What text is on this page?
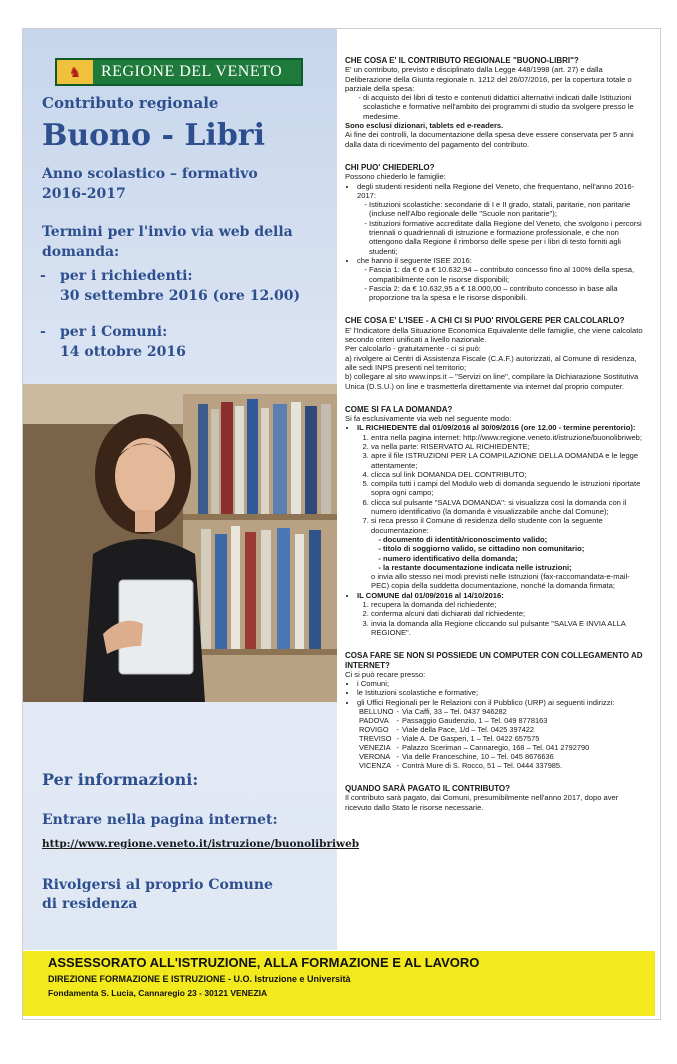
♞	REGIONE DEL VENETO
Contributo regionale
Buono - Libri
Anno scolastico – formativo
2016-2017
Termini per l'invio via web della
domanda:
-	per i richiedenti:
30 settembre 2016 (ore 12.00)
-	per i Comuni:
14 ottobre 2016
Per informazioni:
Entrare nella pagina internet:
http://www.regione.veneto.it/istruzione/buonolibriweb
Rivolgersi al proprio Comune
di residenza

CHE COSA E' IL CONTRIBUTO REGIONALE "BUONO-LIBRI"?

E' un contributo, previsto e disciplinato dalla Legge 448/1998 (art. 27) e dalla Deliberazione della Giunta regionale n. 1212 del 26/07/2016, per la copertura totale o parziale della spesa:

- di acquisto dei libri di testo e contenuti didattici alternativi indicati dalle Istituzioni scolastiche e formative nell'ambito dei programmi di studio da svolgere presso le medesime.

Sono esclusi dizionari, tablets ed e-readers.

Ai fine dei controlli, la documentazione della spesa deve essere conservata per 5 anni dalla data di ricevimento del pagamento del contributo.

CHI PUO' CHIEDERLO?

Possono chiederlo le famiglie:

• degli studenti residenti nella Regione del Veneto, che frequentano, nell'anno 2016-2017:
- Istituzioni scolastiche: secondarie di I e II grado, statali, paritarie, non paritarie (incluse nell'Albo regionale delle "Scuole non paritarie");
- Istituzioni formative accreditate dalla Regione del Veneto, che svolgono i percorsi triennali o quadriennali di istruzione e formazione professionale, e che non ottengono dalla Regione il rimborso delle spese per i libri di testo forniti agli studenti;
• che hanno il seguente ISEE 2016:
- Fascia 1: da € 0 a € 10.632,94 – contributo concesso fino al 100% della spesa, compatibilmente con le risorse disponibili;
- Fascia 2: da € 10.632,95 a € 18.000,00 – contributo concesso in base alla proporzione tra la spesa e le risorse disponibili.

CHE COSA E' L'ISEE - A CHI CI SI PUO' RIVOLGERE PER CALCOLARLO?

E' l'Indicatore della Situazione Economica Equivalente delle famiglie, che viene calcolato secondo criteri unificati a livello nazionale.

Per calcolarlo - gratuitamente - ci si può:

a) rivolgere ai Centri di Assistenza Fiscale (C.A.F.) autorizzati, al Comune di residenza, alle sedi INPS presenti nel territorio;

b) collegare al sito www.inps.it – "Servizi on line", compilare la Dichiarazione Sostitutiva Unica (D.S.U.) on line e trasmetterla direttamente via internet dal proprio computer.

COME SI FA LA DOMANDA?

Si fa esclusivamente via web nel seguente modo:

• IL RICHIEDENTE dal 01/09/2016 al 30/09/2016 (ore 12.00 - termine perentorio):
1. entra nella pagina internet: http://www.regione.veneto.it/istruzione/buonolibriweb;
2. va nella parte: RISERVATO AL RICHIEDENTE;
3. apre il file ISTRUZIONI PER LA COMPILAZIONE DELLA DOMANDA e le legge attentamente;
4. clicca sul link DOMANDA DEL CONTRIBUTO;
5. compila tutti i campi del Modulo web di domanda seguendo le istruzioni riportate sopra ogni campo;
6. clicca sul pulsante "SALVA DOMANDA": si visualizza così la domanda con il numero identificativo (la domanda è visualizzabile anche dal Comune);
7. si reca presso il Comune di residenza dello studente con la seguente documentazione:
- documento di identità/riconoscimento valido;
- titolo di soggiorno valido, se cittadino non comunitario;
- numero identificativo della domanda;
- la restante documentazione indicata nelle istruzioni;
o invia allo stesso nei modi previsti nelle Istruzioni (fax-raccomandata-e-mail-PEC) copia della suddetta documentazione, nonché la domanda firmata;
• IL COMUNE dal 01/09/2016 al 14/10/2016:
1. recupera la domanda del richiedente;
2. conferma alcuni dati dichiarati dal richiedente;
3. invia la domanda alla Regione cliccando sul pulsante "SALVA E INVIA ALLA REGIONE".

COSA FARE SE NON SI POSSIEDE UN COMPUTER CON COLLEGAMENTO AD INTERNET?

Ci si può recare presso:

• i Comuni;
• le Istituzioni scolastiche e formative;
• gli Uffici Regionali per le Relazioni con il Pubblico (URP) ai seguenti indirizzi:
BELLUNO	-	Via Caffi, 33 – Tel. 0437 946282
PADOVA	-	Passaggio Gaudenzio, 1 – Tel. 049 8778163
ROVIGO	-	Viale della Pace, 1/d – Tel. 0425 397422
TREVISO	-	Viale A. De Gasperi, 1 – Tel. 0422 657575
VENEZIA	-	Palazzo Sceriman – Cannaregio, 168 – Tel. 041 2792790
VERONA	-	Via delle Franceschine, 10 – Tel. 045 8676636
VICENZA	-	Contrà Mure di S. Rocco, 51 – Tel. 0444 337985.

QUANDO SARÀ PAGATO IL CONTRIBUTO?

Il contributo sarà pagato, dai Comuni, presumibilmente nell'anno 2017, dopo aver ricevuto dallo Stato le risorse necessarie.

ASSESSORATO ALL'ISTRUZIONE, ALLA FORMAZIONE E AL LAVORO
DIREZIONE FORMAZIONE E ISTRUZIONE - U.O. Istruzione e Università
Fondamenta S. Lucia, Cannaregio 23 - 30121 VENEZIA
